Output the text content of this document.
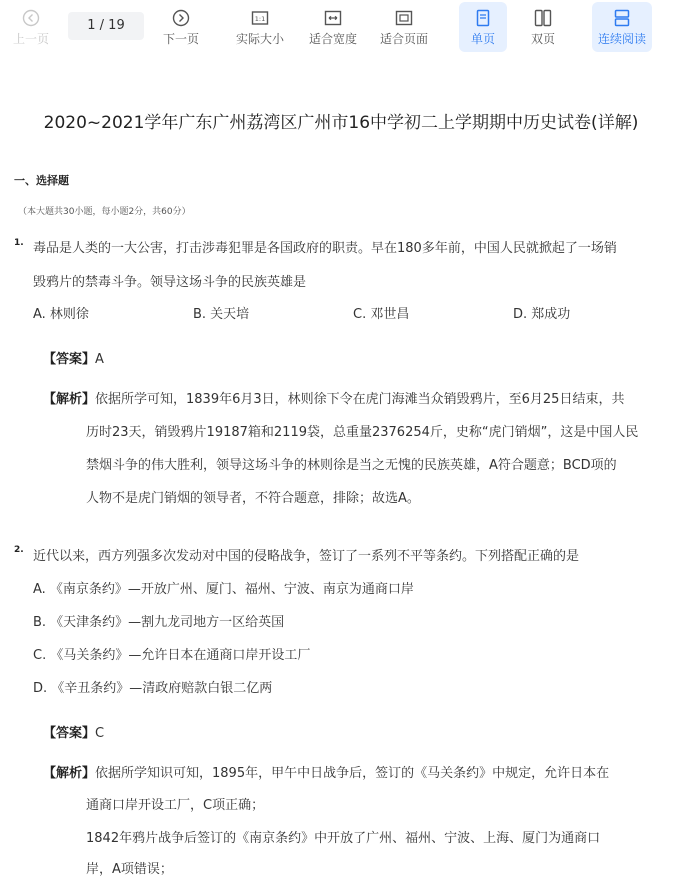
上一页
1 / 19
下一页
1:1
实际大小	适合宽度	适合页面	单页	双页	连续阅读
2020~2021学年广东广州荔湾区广州市16中学初二上学期期中历史试卷(详解)
一、选择题
（本大题共30小题，每小题2分，共60分）
1. 毒品是人类的一大公害，打击涉毒犯罪是各国政府的职责。早在180多年前，中国人民就掀起了一场销
毁鸦片的禁毒斗争。领导这场斗争的民族英雄是
A. 林则徐	B. 关天培	C. 邓世昌	D. 郑成功
【答案】A
【解析】依据所学可知，1839年6月3日，林则徐下令在虎门海滩当众销毁鸦片，至6月25日结束，共
历时23天，销毁鸦片19187箱和2119袋，总重量2376254斤，史称“虎门销烟”，这是中国人民
禁烟斗争的伟大胜利，领导这场斗争的林则徐是当之无愧的民族英雄，A符合题意；BCD项的
人物不是虎门销烟的领导者，不符合题意，排除；故选A。
2. 近代以来，西方列强多次发动对中国的侵略战争，签订了一系列不平等条约。下列搭配正确的是
A. 《南京条约》—开放广州、厦门、福州、宁波、南京为通商口岸
B. 《天津条约》—割九龙司地方一区给英国
C. 《马关条约》—允许日本在通商口岸开设工厂
D. 《辛丑条约》—清政府赔款白银二亿两
【答案】C
【解析】依据所学知识可知，1895年，甲午中日战争后，签订的《马关条约》中规定，允许日本在
通商口岸开设工厂，C项正确；
1842年鸦片战争后签订的《南京条约》中开放了广州、福州、宁波、上海、厦门为通商口
岸，A项错误；
